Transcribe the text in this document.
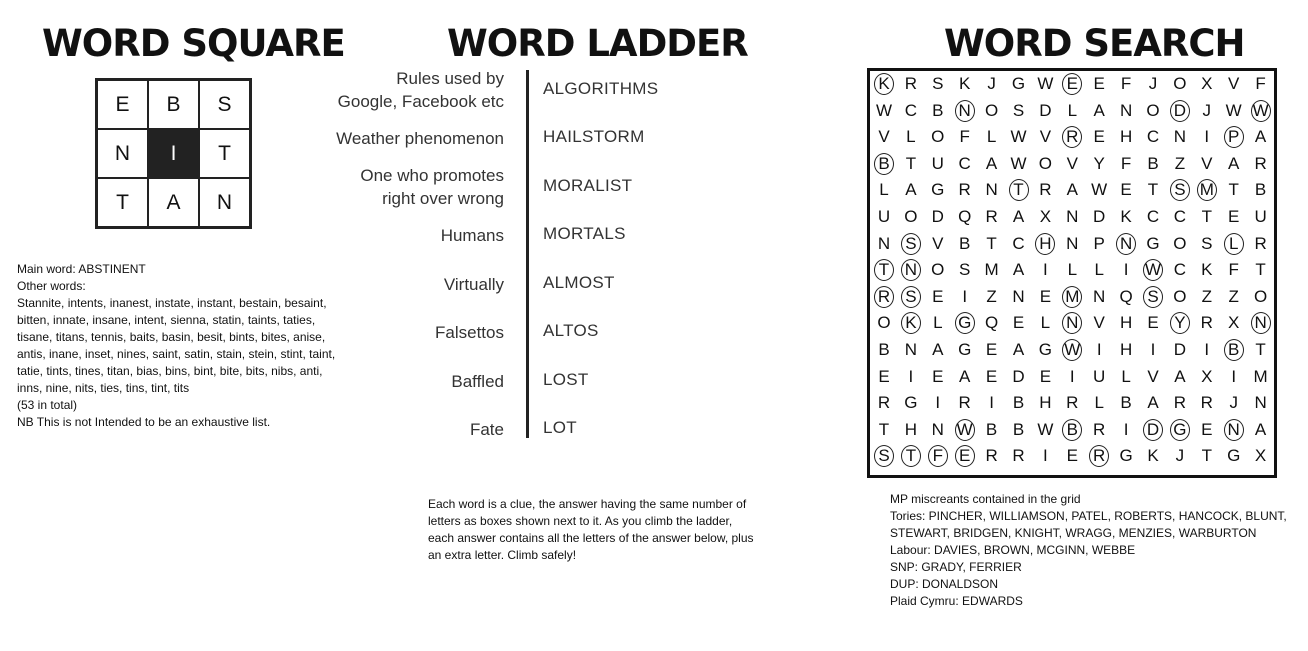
WORD SQUARE
E	B	S
N	I	T
T	A	N

Main word: ABSTINENT

Other words:

Stannite, intents, inanest, instate, instant, bestain, besaint, bitten, innate, insane, intent, sienna, statin, taints, taties, tisane, titans, tennis, baits, basin, besit, bints, bites, anise, antis, inane, inset, nines, saint, satin, stain, stein, stint, taint, tatie, tints, tines, titan, bias, bins, bint, bite, bits, nibs, anti, inns, nine, nits, ties, tins, tint, tits

(53 in total)

NB This is not Intended to be an exhaustive list.

WORD LADDER
Rules used by
Google, Facebook etc
ALGORITHMS
Weather phenomenon HAILSTORM
One who promotes
right over wrong
MORALIST
Humans MORTALS
Virtually ALMOST
Falsettos ALTOS
Baffled LOST
Fate LOT
Each word is a clue, the answer having the same number of letters as boxes shown next to it. As you climb the ladder, each answer contains all the letters of the answer below, plus an extra letter. Climb safely!
WORD SEARCH
K R S K J G W E E F	J O X V F
W C B N O S D L A N O D J W W
V L O F L W V R E H C N	I	P A
B T U C A W O V Y F B Z V A R
L A G R N T R A W E T S M T B
U O D Q R A X N D K C C T E U
N S V B T C H N P N G O S L R
T N O S M A	I	L	L	I W C K F T
R S E	I	Z N E M N Q S O Z Z O
O K L G Q E L N V H E Y R X N
B N A G E A G W I	H	I	D	I	B T
E	I	E A E D E	I	U L V A X	I	M
R G	I	R	I	B H R L B A R R J N
T H N W B B W B R	I	D G E N A
S T F E R R	I	E R G K J	T G X

MP miscreants contained in the grid

Tories: PINCHER, WILLIAMSON, PATEL, ROBERTS, HANCOCK, BLUNT, STEWART, BRIDGEN, KNIGHT, WRAGG, MENZIES, WARBURTON

Labour: DAVIES, BROWN, MCGINN, WEBBE

SNP: GRADY, FERRIER

DUP: DONALDSON

Plaid Cymru: EDWARDS
